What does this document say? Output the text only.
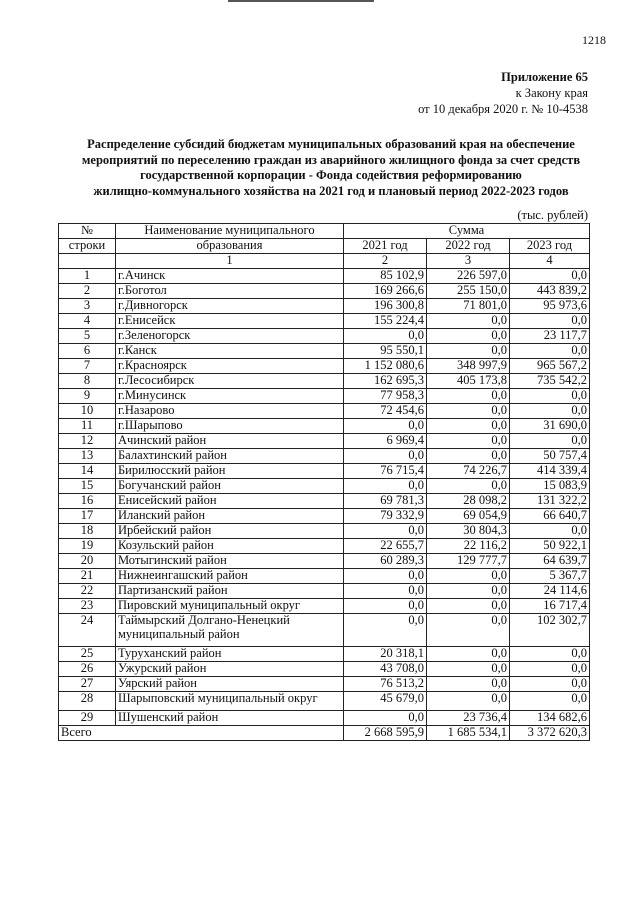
1218
Приложение 65
к Закону края
от 10 декабря 2020 г. № 10-4538
Распределение субсидий бюджетам муниципальных образований края на обеспечение
мероприятий по переселению граждан из аварийного жилищного фонда за счет средств
государственной корпорации - Фонда содействия реформированию
жилищно-коммунального хозяйства на 2021 год и плановый период 2022-2023 годов
(тыс. рублей)
№	Наименование муниципального	Сумма		
строки	образования	2021 год	2022 год	2023 год
	1	2	3	4
1	г.Ачинск	85 102,9	226 597,0	0,0
2	г.Боготол	169 266,6	255 150,0	443 839,2
3	г.Дивногорск	196 300,8	71 801,0	95 973,6
4	г.Енисейск	155 224,4	0,0	0,0
5	г.Зеленогорск	0,0	0,0	23 117,7
6	г.Канск	95 550,1	0,0	0,0
7	г.Красноярск	1 152 080,6	348 997,9	965 567,2
8	г.Лесосибирск	162 695,3	405 173,8	735 542,2
9	г.Минусинск	77 958,3	0,0	0,0
10	г.Назарово	72 454,6	0,0	0,0
11	г.Шарыпово	0,0	0,0	31 690,0
12	Ачинский район	6 969,4	0,0	0,0
13	Балахтинский район	0,0	0,0	50 757,4
14	Бирилюсский район	76 715,4	74 226,7	414 339,4
15	Богучанский район	0,0	0,0	15 083,9
16	Енисейский район	69 781,3	28 098,2	131 322,2
17	Иланский район	79 332,9	69 054,9	66 640,7
18	Ирбейский район	0,0	30 804,3	0,0
19	Козульский район	22 655,7	22 116,2	50 922,1
20	Мотыгинский район	60 289,3	129 777,7	64 639,7
21	Нижнеингашский район	0,0	0,0	5 367,7
22	Партизанский район	0,0	0,0	24 114,6
23	Пировский муниципальный округ	0,0	0,0	16 717,4
24	Таймырский Долгано-Ненецкий муниципальный район	0,0	0,0	102 302,7
25	Туруханский район	20 318,1	0,0	0,0
26	Ужурский район	43 708,0	0,0	0,0
27	Уярский район	76 513,2	0,0	0,0
28	Шарыповский муниципальный округ	45 679,0	0,0	0,0
29	Шушенский район	0,0	23 736,4	134 682,6
Всего		2 668 595,9	1 685 534,1	3 372 620,3
